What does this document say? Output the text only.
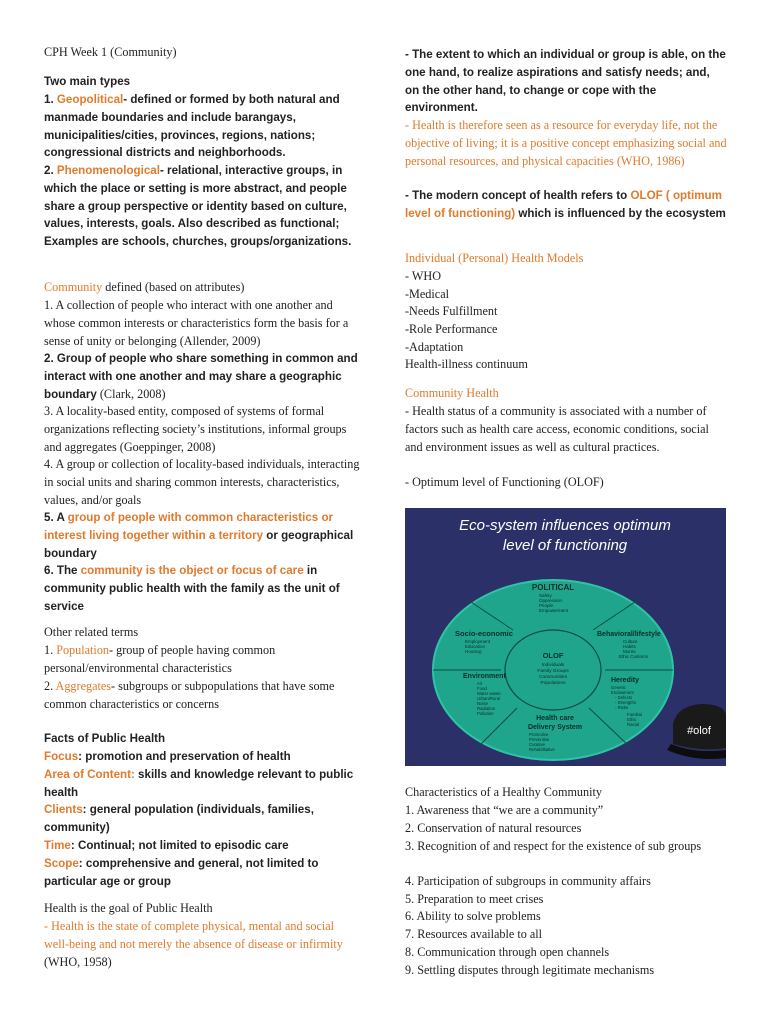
CPH Week 1 (Community)

Two main types

1. Geopolitical- defined or formed by both natural and manmade boundaries and include barangays, municipalities/cities, provinces, regions, nations; congressional districts and neighborhoods.

2. Phenomenological- relational, interactive groups, in which the place or setting is more abstract, and people share a group perspective or identity based on culture, values, interests, goals. Also described as functional; Examples are schools, churches, groups/organizations.

Community defined (based on attributes)

1. A collection of people who interact with one another and whose common interests or characteristics form the basis for a sense of unity or belonging (Allender, 2009)

2. Group of people who share something in common and interact with one another and may share a geographic boundary (Clark, 2008)

3. A locality-based entity, composed of systems of formal organizations reflecting society’s institutions, informal groups and aggregates (Goeppinger, 2008)

4. A group or collection of locality-based individuals, interacting in social units and sharing common interests, characteristics, values, and/or goals

5. A group of people with common characteristics or interest living together within a territory or geographical boundary

6. The community is the object or focus of care in community public health with the family as the unit of service

Other related terms

1. Population- group of people having common personal/environmental characteristics

2. Aggregates- subgroups or subpopulations that have some common characteristics or concerns

Facts of Public Health

Focus: promotion and preservation of health

Area of Content: skills and knowledge relevant to public health

Clients: general population (individuals, families, community)

Time: Continual; not limited to episodic care

Scope: comprehensive and general, not limited to particular age or group

Health is the goal of Public Health

- Health is the state of complete physical, mental and social well-being and not merely the absence of disease or infirmity (WHO, 1958)

- The extent to which an individual or group is able, on the one hand, to realize aspirations and satisfy needs; and, on the other hand, to change or cope with the environment.

- Health is therefore seen as a resource for everyday life, not the objective of living; it is a positive concept emphasizing social and personal resources, and physical capacities (WHO, 1986)

- The modern concept of health refers to OLOF ( optimum level of functioning) which is influenced by the ecosystem

Individual (Personal) Health Models

- WHO

-Medical

-Needs Fulfillment

-Role Performance

-Adaptation

Health-illness continuum

Community Health

- Health status of a community is associated with a number of factors such as health care access, economic conditions, social and environment issues as well as cultural practices.

- Optimum level of Functioning (OLOF)

Characteristics of a Healthy Community

1. Awareness that “we are a community”

2. Conservation of natural resources

3. Recognition of and respect for the existence of sub groups

4. Participation of subgroups in community affairs

5. Preparation to meet crises

6. Ability to solve problems

7. Resources available to all

8. Communication through open channels

9. Settling disputes through legitimate mechanisms

Eco-system influences optimum
level of functioning
POLITICAL
Safety
Oppression
People
Empowerment
Socio-economic
Employment
Education
Housing
Behavioral/lifestyle
Culture
Habits
Mores
Ethic Customs
OLOF
Individuals
Family Groups
Communities
Populations
Environment
Air
Food
Water waste
Urban/Rural
Noise
Radiation
Pollution
Heredity
Genetic
Endowment
- Defects
- Strengths
- Risks
Familial
Ethic
Racial
Health care
Delivery System
Promotive
Preventive
Curative
Rehabilitative
#olof
